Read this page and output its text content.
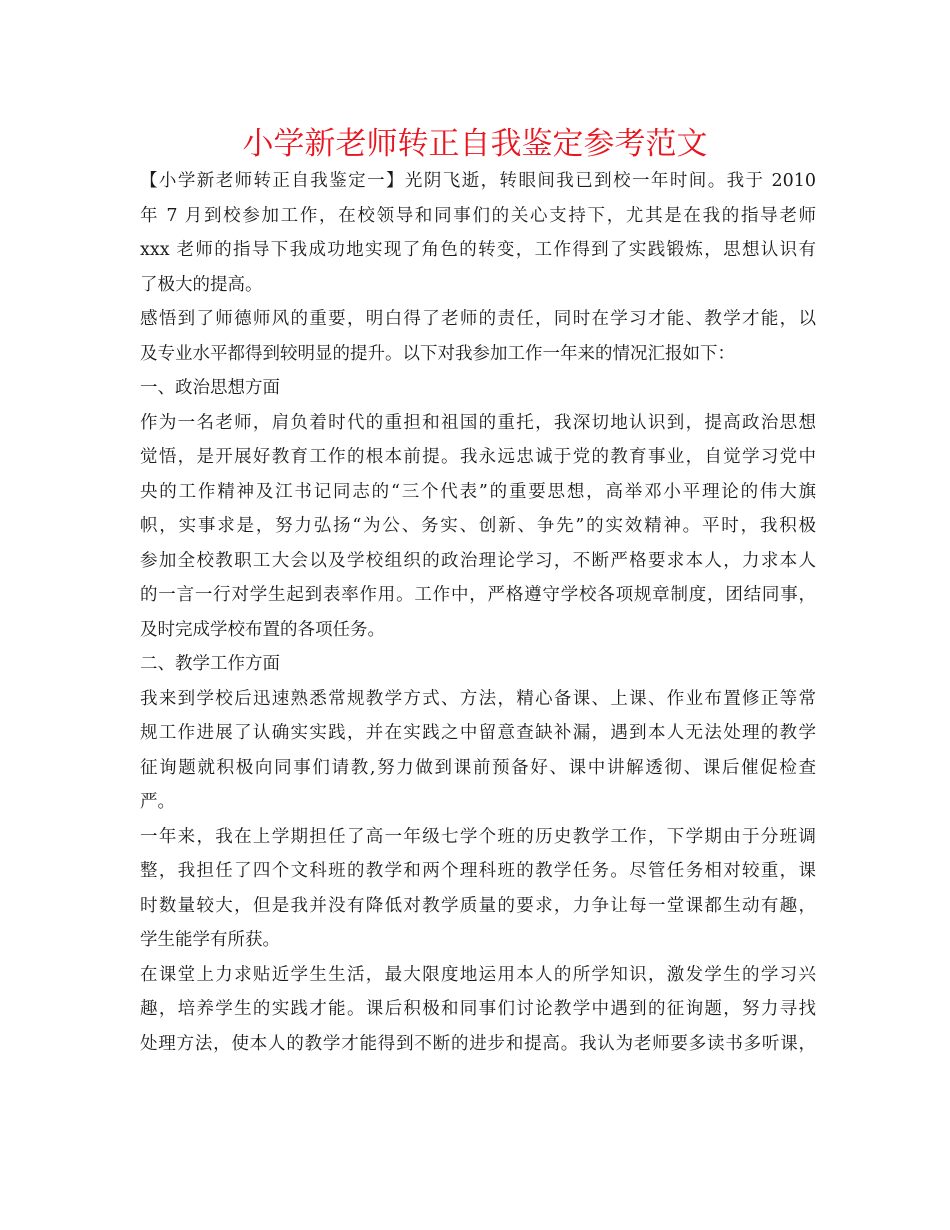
小学新老师转正自我鉴定参考范文
【小学新老师转正自我鉴定一】光阴飞逝，转眼间我已到校一年时间。我于 2010
年 7 月到校参加工作，在校领导和同事们的关心支持下，尤其是在我的指导老师
xxx 老师的指导下我成功地实现了角色的转变，工作得到了实践锻炼，思想认识有
了极大的提高。
感悟到了师德师风的重要，明白得了老师的责任，同时在学习才能、教学才能，以
及专业水平都得到较明显的提升。以下对我参加工作一年来的情况汇报如下：
一、政治思想方面
作为一名老师，肩负着时代的重担和祖国的重托，我深切地认识到，提高政治思想
觉悟，是开展好教育工作的根本前提。我永远忠诚于党的教育事业，自觉学习党中
央的工作精神及江书记同志的“三个代表”的重要思想，高举邓小平理论的伟大旗
帜，实事求是，努力弘扬“为公、务实、创新、争先”的实效精神。平时，我积极
参加全校教职工大会以及学校组织的政治理论学习，不断严格要求本人，力求本人
的一言一行对学生起到表率作用。工作中，严格遵守学校各项规章制度，团结同事，
及时完成学校布置的各项任务。
二、教学工作方面
我来到学校后迅速熟悉常规教学方式、方法，精心备课、上课、作业布置修正等常
规工作进展了认确实实践，并在实践之中留意查缺补漏，遇到本人无法处理的教学
征询题就积极向同事们请教,努力做到课前预备好、课中讲解透彻、课后催促检查
严。
一年来，我在上学期担任了高一年级七学个班的历史教学工作，下学期由于分班调
整，我担任了四个文科班的教学和两个理科班的教学任务。尽管任务相对较重，课
时数量较大，但是我并没有降低对教学质量的要求，力争让每一堂课都生动有趣，
学生能学有所获。
在课堂上力求贴近学生生活，最大限度地运用本人的所学知识，激发学生的学习兴
趣，培养学生的实践才能。课后积极和同事们讨论教学中遇到的征询题，努力寻找
处理方法，使本人的教学才能得到不断的进步和提高。我认为老师要多读书多听课，
